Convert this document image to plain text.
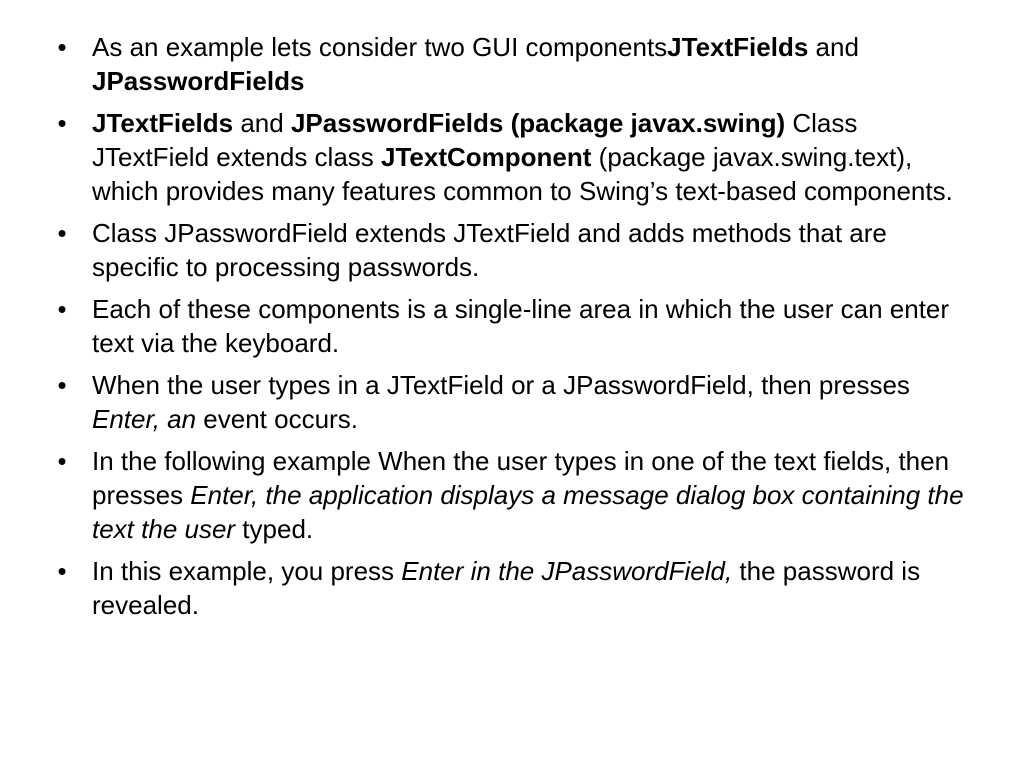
• As an example lets consider two GUI componentsJTextFields and JPasswordFields
• JTextFields and JPasswordFields (package javax.swing) Class JTextField extends class JTextComponent (package javax.swing.text), which provides many features common to Swing’s text-based components.
• Class JPasswordField extends JTextField and adds methods that are specific to processing passwords.
• Each of these components is a single-line area in which the user can enter text via the keyboard.
• When the user types in a JTextField or a JPasswordField, then presses Enter, an event occurs.
• In the following example When the user types in one of the text fields, then presses Enter, the application displays a message dialog box containing the text the user typed.
• In this example, you press Enter in the JPasswordField, the password is revealed.
